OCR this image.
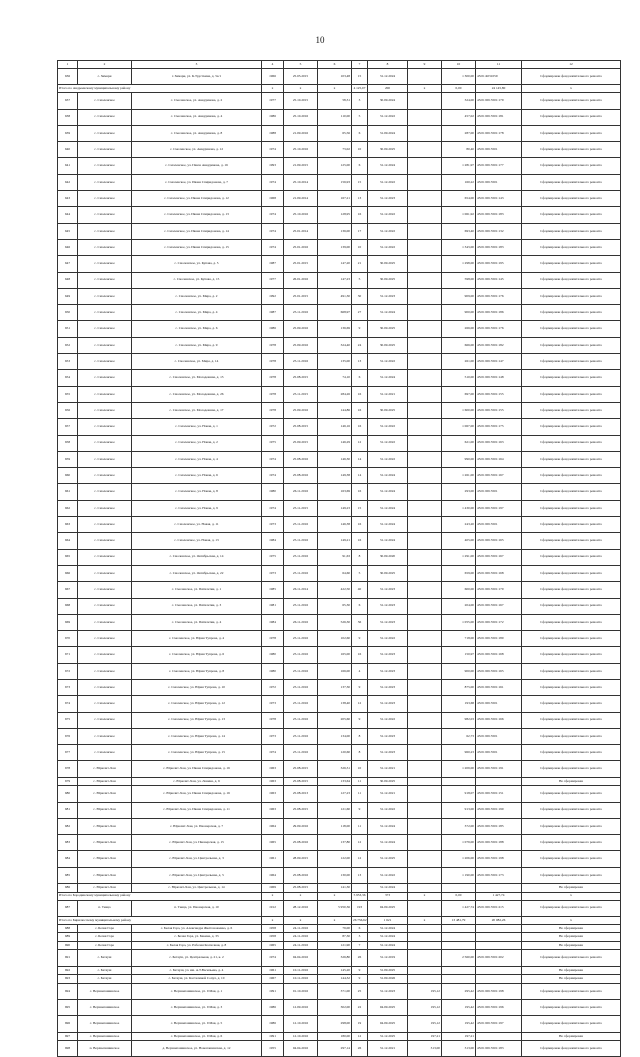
10
1	2	3	4	5	6	7	8	9	10	11	12
636	с. Зимари	г. Зимари, ул. К.Трусткина, д. 5а/1	1966	25.03.2015	103,48	15	31.12.2024		1 300,00	45:01:4031059	Сформирован фонд капитального ремонта
Итого по Андреевскому муниципальному району			x	x	x	4 125,07	200	x	0,00	24 145,80	x
637	с. Смоленское	с. Смоленское, ул. Анкудинова, д. 2	1977	25.10.2015	58,31	3	30.09.2024		324,00	45:01:0013501:179	Сформирован фонд капитального ремонта
638	с. Смоленское	с. Смоленское, ул. Анкудинова, д. 4	1986	25.10.2016	110,00	5	31.12.2022		457,02	45:01:0013501:181	Сформирован фонд капитального ремонта
639	с. Смоленское	с. Смоленское, ул. Анкудинова, д. 8	1988	21.09.2016	65,56	6	31.09.2024		287,00	45:01:0013501:178	Сформирован фонд капитального ремонта
640	с. Смоленское	с. Смоленское, ул. Анкудинова, д. 12	1974	25.10.2016	73,02	10	30.09.2025		80,40	45:01:0013501	Сформирован фонд капитального ремонта
641	с. Смоленское	с. Смоленское, ул. Павла Анкудинова, д. 16	1993	21.09.2015	125,00	6	31.12.2024		1 281,97	45:01:0013501:177	Сформирован фонд капитального ремонта
642	с. Смоленское	с. Смоленское, ул. Ивана Спиридонова, д. 7	1974	25.10.2014	156,93	15	31.12.2022		160,22	45:01:0013501	Сформирован фонд капитального ремонта
643	с. Смоленское	с. Смоленское, ул. Ивана Спиридонова, д. 12	1968	21.09.2014	167,21	13	31.12.2023		654,00	45:01:0013501:143	Сформирован фонд капитального ремонта
644	с. Смоленское	с. Смоленское, ул. Ивана Спиридонова, д. 13	1974	25.10.2016	128,95	16	31.12.2022		1 061,92	45:01:0013501:183	Сформирован фонд капитального ремонта
645	с. Смоленское	с. Смоленское, ул. Ивана Спиридонова, д. 14	1974	25.01.2014	136,00	17	31.12.2022		693,40	45:01:0013501:132	Сформирован фонд капитального ремонта
646	с. Смоленское	с. Смоленское, ул. Ивана Спиридонова, д. 15	1974	25.01.2016	139,00	10	31.12.2022		1 343,00	45:01:0013501:183	Сформирован фонд капитального ремонта
647	с. Смоленское	с. Смоленское, ул. Купава, д. 5	1987	25.01.2015	147,20	21	30.09.2025		1 298,00	45:01:0013501:195	Сформирован фонд капитального ремонта
648	с. Смоленское	с. Смоленское, ул. Купава, д. 15	1977	26.01.2016	147,23	5	30.09.2025		598,00	45:01:0013501:145	Сформирован фонд капитального ремонта
649	с. Смоленское	с. Смоленское, ул. Мира, д. 2	1992	25.01.2015	491,30	30	31.12.2023		909,00	45:01:0013501:176	Сформирован фонд капитального ремонта
650	с. Смоленское	с. Смоленское, ул. Мира, д. 4	1987	25.11.2016	668,97	27	31.12.2024		900,00	45:01:0013501:186	Сформирован фонд капитального ремонта
651	с. Смоленское	с. Смоленское, ул. Мира, д. 6	1986	25.09.2016	136,69	9	30.09.2025		266,00	45:01:0013501:176	Сформирован фонд капитального ремонта
652	с. Смоленское	с. Смоленское, ул. Мира, д. 9	1978	25.09.2016	324,40	24	30.09.2025		666,00	45:01:0013501:182	Сформирован фонд капитального ремонта
653	с. Смоленское	с. Смоленское, ул. Мира, д. 14	1978	25.11.2016	135,00	13	31.12.2022		261,00	45:01:0013501:147	Сформирован фонд капитального ремонта
654	с. Смоленское	с. Смоленское, ул. Молодежная, д. 13	1978	25.08.2015	74,10	6	31.12.2024		510,00	45:01:0013501:148	Сформирован фонд капитального ремонта
655	с. Смоленское	с. Смоленское, ул. Молодежная, д. 26	1978	25.11.2015	284,26	16	31.12.2021		697,00	45:01:0013501:155	Сформирован фонд капитального ремонта
656	с. Смоленское	с. Смоленское, ул. Молодежная, д. 17	1978	25.09.2016	144,86	16	30.09.2025		1 600,00	45:01:0013501:155	Сформирован фонд капитального ремонта
657	с. Смоленское	с. Смоленское, ул. Новая, д. 1	1972	25.08.2015	146,16	16	31.12.2022		1 067,00	45:01:0013501:175	Сформирован фонд капитального ремонта
658	с. Смоленское	с. Смоленское, ул. Новая, д. 2	1975	25.09.2015	146,29	12	31.12.2022		621,00	45:01:0013501:163	Сформирован фонд капитального ремонта
659	с. Смоленское	с. Смоленское, ул. Новая, д. 4	1974	25.08.2016	146,30	14	31.12.2022		990,00	45:01:0013501:164	Сформирован фонд капитального ремонта
660	с. Смоленское	с. Смоленское, ул. Новая, д. 6	1974	25.08.2016	149,38	14	31.12.2024		1 261,00	45:01:0013501:167	Сформирован фонд капитального ремонта
661	с. Смоленское	с. Смоленское, ул. Новая, д. 8	1980	26.11.2016	163,69	16	31.12.2024		293,00	45:01:0013501	Сформирован фонд капитального ремонта
662	с. Смоленское	с. Смоленское, ул. Новая, д. 9	1974	25.11.2015	149,23	15	31.12.2024		1 430,00	45:01:0013501:197	Сформирован фонд капитального ремонта
663	с. Смоленское	с. Смоленское, ул. Новая, д. 11	1973	25.11.2016	146,38	16	31.12.2024		243,20	45:01:0013501	Сформирован фонд капитального ремонта
664	с. Смоленское	с. Смоленское, ул. Новая, д. 13	1984	25.11.2016	149,21	16	31.12.2024		405,00	45:01:0013501:165	Сформирован фонд капитального ремонта
665	с. Смоленское	с. Смоленское, ул. Октябрьская, д. 14	1975	25.11.2016	91,63	8	30.09.2020		1 291,00	45:01:0013501:167	Сформирован фонд капитального ремонта
666	с. Смоленское	с. Смоленское, ул. Октябрьская, д. 22	1973	25.11.2016	64,60	5	30.09.2025		659,00	45:01:0013501:168	Сформирован фонд капитального ремонта
667	с. Смоленское	с. Смоленское, ул. Пятилетки, д. 1	1985	26.11.2014	422,50	40	31.12.2023		600,00	45:01:0013501:170	Сформирован фонд капитального ремонта
668	с. Смоленское	с. Смоленское, ул. Пятилетки, д. 3	1981	25.11.2016	65,30	6	31.12.2023		204,00	45:01:0013501:167	Сформирован фонд капитального ремонта
669	с. Смоленское	с. Смоленское, ул. Пятилетки, д. 4	1984	26.11.2016	526,30	36	31.12.2023		1 055,00	45:01:0013501:172	Сформирован фонд капитального ремонта
670	с. Смоленское	с. Смоленское, ул. Юрия Тупрова, д. 4	1978	25.11.2016	102,60	9	31.12.2022		718,00	45:01:0013501:180	Сформирован фонд капитального ремонта
671	с. Смоленское	с. Смоленское, ул. Юрия Тупрова, д. 6	1980	25.11.2016	165,00	16	31.12.2023		150,97	45:01:0013501:168	Сформирован фонд капитального ремонта
672	с. Смоленское	с. Смоленское, ул. Юрия Тупрова, д. 8	1980	25.11.2016	166,00	4	31.12.2023		900,00	45:01:0013501:165	Сформирован фонд капитального ремонта
673	с. Смоленское	с. Смоленское, ул. Юрия Тупрова, д. 10	1972	25.11.2016	137,30	9	31.12.2023		875,00	45:01:0013501:161	Сформирован фонд капитального ремонта
674	с. Смоленское	с. Смоленское, ул. Юрия Тупрова, д. 12	1973	25.11.2016	138,40	12	31.12.2023		193,68	45:01:0013501	Сформирован фонд капитального ремонта
675	с. Смоленское	с. Смоленское, ул. Юрия Тупрова, д. 13	1978	25.11.2016	205,60	9	31.12.2022		982,03	45:01:0013501:166	Сформирован фонд капитального ремонта
676	с. Смоленское	с. Смоленское, ул. Юрия Тупрова, д. 14	1973	25.11.2016	134,00	8	31.12.2023		62,73	45:01:0013501	Сформирован фонд капитального ремонта
677	с. Смоленское	с. Смоленское, ул. Юрия Тупрова, д. 15	1974	25.11.2016	120,60	8	31.12.2023		960,23	45:01:0013501	Сформирован фонд капитального ремонта
678	с. Юрюзит-Хан	с. Юрюзит-Хан, ул. Ивана Спиридонова, д. 16	1963	25.08.2015	326,31	10	31.12.2021		1 209,00	45:01:0013501:191	Сформирован фонд капитального ремонта
679	с. Юрюзит-Хан	с. Юрюзит-Хан, ул. Ленина, д. 6	1963	25.08.2015	133,64	11	30.09.2025				Не сформирован
680	с. Юрюзит-Хан	с. Юрюзит-Хан, ул. Ивана Спиридонова, д. 16	1963	25.08.2013	127,23	11	31.12.2021		918,07	45:01:0013501:151	Сформирован фонд капитального ремонта
681	с. Юрюзит-Хан	с. Юрюзит-Хан, ул. Ивана Спиридонова, д. 11	1963	25.08.2015	121,60	9	31.12.2022		913,00	45:01:0013501:190	Сформирован фонд капитального ремонта
682	с. Юрюзит-Хан	с. Юрюзит-Хан, ул. Пионерская, д. 7	1964	29.09.2016	118,00	11	31.12.2024		372,00	45:01:0013501:185	Сформирован фонд капитального ремонта
683	с. Юрюзит-Хан	с. Юрюзит-Хан, ул. Пионерская, д. 15	1965	25.08.2016	137,80	12	31.12.2024		1 079,00	45:01:0013501:188	Сформирован фонд капитального ремонта
684	с. Юрюзит-Хан	с. Юрюзит-Хан, ул. Центральная, д. 3	1961	28.09.2015	122,00	12	31.12.2025		1 206,00	45:01:0013501:198	Сформирован фонд капитального ремонта
685	с. Юрюзит-Хан	с. Юрюзит-Хан, ул. Центральная, д. 5	1964	25.08.2016	130,00	13	31.12.2022		1 190,00	45:01:0013501:173	Сформирован фонд капитального ремонта
686	с. Юрюзит-Хан	с. Юрюзит-Хан, ул. Центральная, д. 14	1969	25.08.2015	141,30		31.12.2024				Не сформирован
Итого по Бородинскому муниципальному району			x	x	x	5 953,36	373	x	0,00	1 427,74	x
687	п. Тиеца	п. Тиеца, ул. Пионерская, д. 10	1912	28.12.2016	5 950,36	193	04.09.2025		1 427,74	45:01:0013501:215	Сформирован фонд капитального ремонта
Итого по Бирилюсскому муниципальному району			x	x	x	26 756,62	1 621	x	13 481,79	20 082,26	x
688	с. Белая Гора	с. Белая Гора, ул. Александра Желтоноженко, д. 6	1958	24.11.2016	79,00	6	31.12.2024				Не сформирован
689	с. Белая Гора	с. Белая Гора, ул. Бакина, д. 33	1958	24.11.2016	87,30	3	31.12.2024				Не сформирован
690	с. Белая Гора	с. Белая Гора, ул. Рабочая Колхозная, д. 8	1965	24.11.2016	121,90	7	31.12.2024				Не сформирован
691	с. Бетауш	с. Бетауш, ул. Центральная, д. 21, к. 2	1974	04.04.2016	326,80	26	31.12.2019		2 560,00	45:01:0013501:202	Сформирован фонд капитального ремонта
692	с. Бетауш	с. Бетауш, ул. им. А.Т.Васильева, д. 4	1961	10.11.2016	145,20	9	31.09.2025				Не сформирован
693	с. Бетауш	с. Бетауш, ул. Кастелиной Сопул, д. 10	1967	10.11.2016	144,32	9	31.09.2026				Не сформирован
694	с. Верхнепашинское	с. Верхнепашинское, ул. 9 Мая, д. 1	1991	01.10.2016	371,00	25	31.12.2023	195,12	295,42	45:01:0013501:198	Сформирован фонд капитального ремонта
695	с. Верхнепашинское	с. Верхнепашинское, ул. 9 Мая, д. 3	1986	12.09.2016	302,00	22	04.09.2025	195,12	195,42	45:01:0013501:196	Сформирован фонд капитального ремонта
696	с. Верхнепашинское	с. Верхнепашинское, ул. 9 Мая, д. 5	1986	12.10.2016	298,00	19	04.09.2025	195,12	195,42	45:01:0013501:197	Сформирован фонд капитального ремонта
697	с. Верхнепашинское	с. Верхнепашинское, ул. 9 Мая, д. 6	1991	12.10.2016	180,00	12	31.12.2025	197,21	197,21		Не сформирован
698	п. Верхнепашинское	д. Верхнепашинское, ул. Новопашинская, д. 12	1955	04.04.2016	297,14	26	31.12.2021	313,00	313,00	45:01:0013501:183	Сформирован фонд капитального ремонта
